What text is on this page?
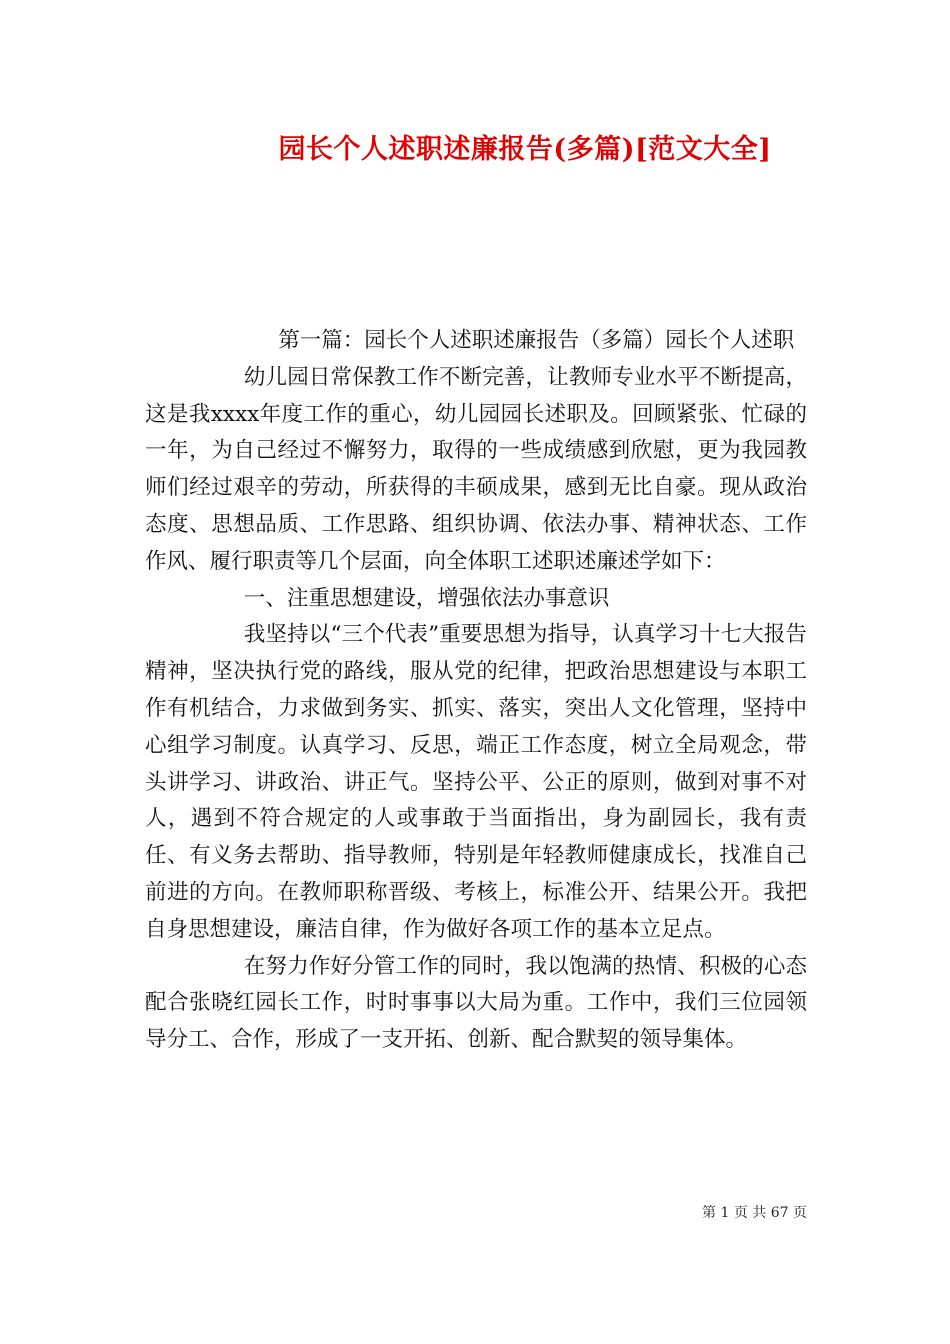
园长个人述职述廉报告(多篇)[范文大全]

第一篇：园长个人述职述廉报告（多篇）园长个人述职

幼儿园日常保教工作不断完善，让教师专业水平不断提高，这是我xxxx年度工作的重心，幼儿园园长述职及。回顾紧张、忙碌的一年，为自己经过不懈努力，取得的一些成绩感到欣慰，更为我园教师们经过艰辛的劳动，所获得的丰硕成果，感到无比自豪。现从政治态度、思想品质、工作思路、组织协调、依法办事、精神状态、工作作风、履行职责等几个层面，向全体职工述职述廉述学如下：

一、注重思想建设，增强依法办事意识

我坚持以“三个代表”重要思想为指导，认真学习十七大报告精神，坚决执行党的路线，服从党的纪律，把政治思想建设与本职工作有机结合，力求做到务实、抓实、落实，突出人文化管理，坚持中心组学习制度。认真学习、反思，端正工作态度，树立全局观念，带头讲学习、讲政治、讲正气。坚持公平、公正的原则，做到对事不对人，遇到不符合规定的人或事敢于当面指出，身为副园长，我有责任、有义务去帮助、指导教师，特别是年轻教师健康成长，找准自己前进的方向。在教师职称晋级、考核上，标准公开、结果公开。我把自身思想建设，廉洁自律，作为做好各项工作的基本立足点。

在努力作好分管工作的同时，我以饱满的热情、积极的心态配合张晓红园长工作，时时事事以大局为重。工作中，我们三位园领导分工、合作，形成了一支开拓、创新、配合默契的领导集体。

第 1 页 共 67 页
